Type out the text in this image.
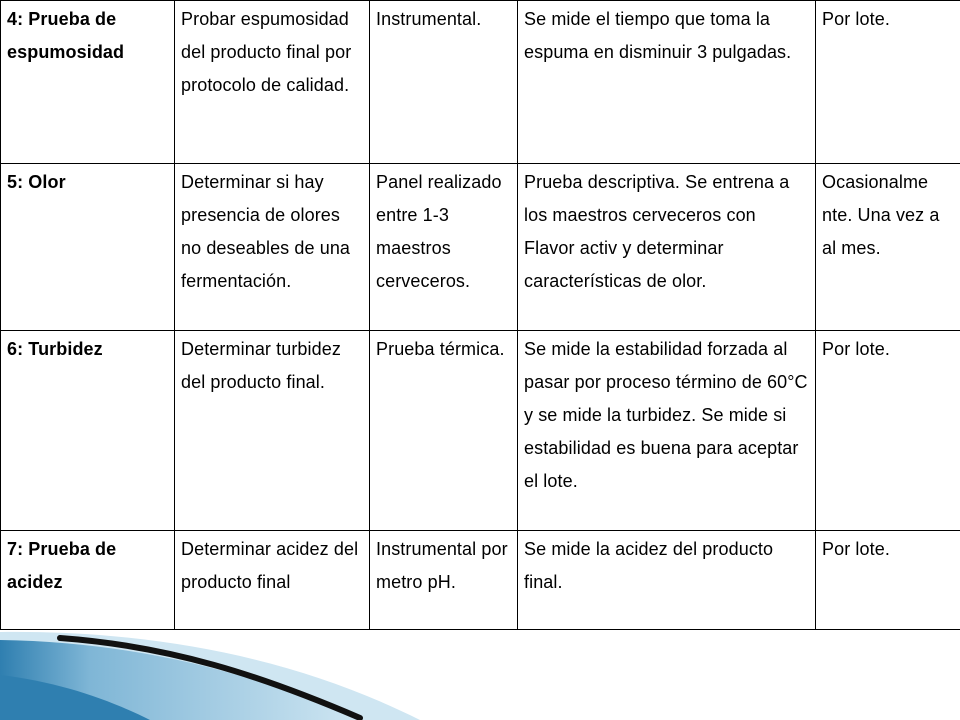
4: Prueba de espumosidad	Probar espumosidad del producto final por protocolo de calidad.	Instrumental.	Se mide el tiempo que toma la espuma en disminuir 3 pulgadas.	Por lote.
5: Olor	Determinar si hay presencia de olores no deseables de una fermentación.	Panel realizado entre 1-3 maestros cerveceros.	Prueba descriptiva. Se entrena a los maestros cerveceros con Flavor activ y determinar características de olor.	Ocasionalme nte. Una vez a al mes.
6: Turbidez	Determinar turbidez del producto final.	Prueba térmica.	Se mide la estabilidad forzada al pasar por proceso término de 60°C y se mide la turbidez. Se mide si estabilidad es buena para aceptar el lote.	Por lote.
7: Prueba de acidez	Determinar acidez del producto final	Instrumental por metro pH.	Se mide la acidez del producto final.	Por lote.
